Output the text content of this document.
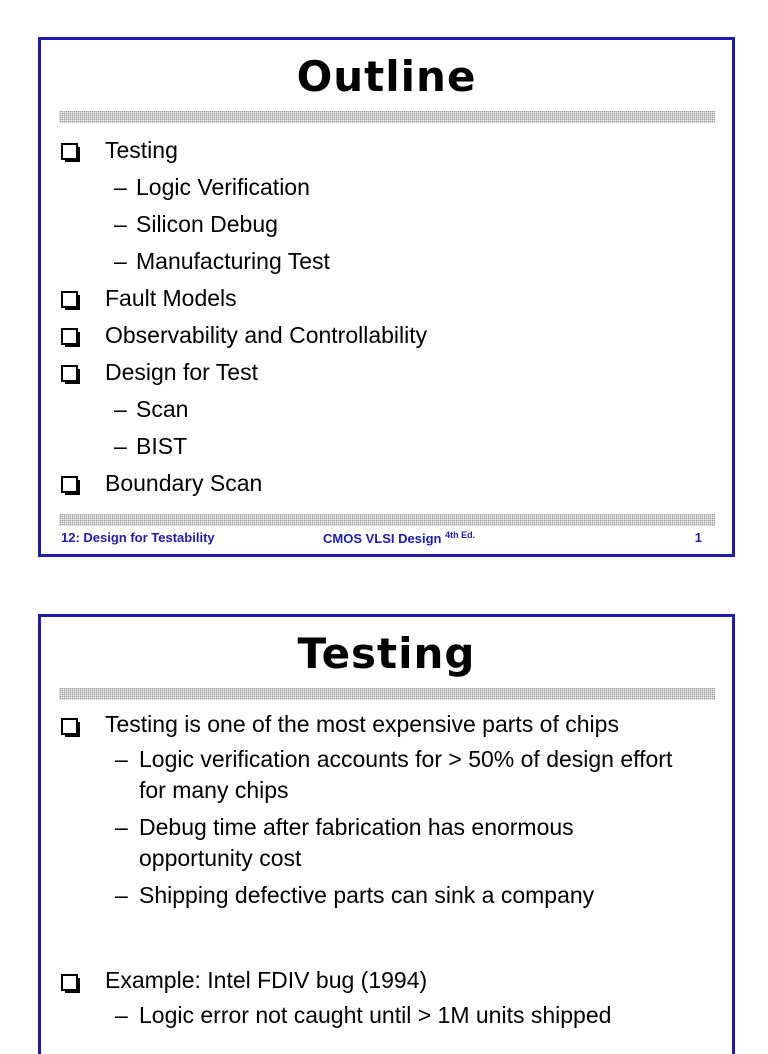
Outline
Testing
– Logic Verification
– Silicon Debug
– Manufacturing Test
Fault Models
Observability and Controllability
Design for Test
– Scan
– BIST
Boundary Scan
12: Design for Testability	CMOS VLSI Design $^{4th Ed.}$	1
Testing
Testing is one of the most expensive parts of chips
– Logic verification accounts for > 50% of design effort for many chips
– Debug time after fabrication has enormous opportunity cost
– Shipping defective parts can sink a company
Example: Intel FDIV bug (1994)
– Logic error not caught until > 1M units shipped
